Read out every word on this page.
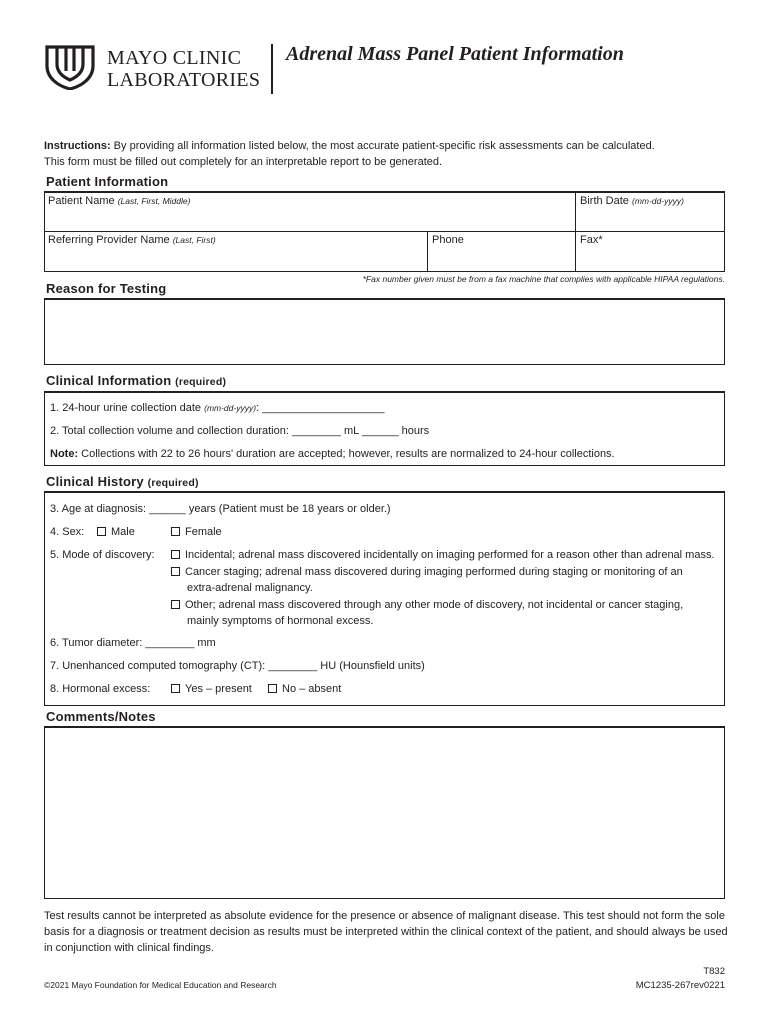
MAYO CLINIC
LABORATORIES
Adrenal Mass Panel Patient Information
Instructions: By providing all information listed below, the most accurate patient-specific risk assessments can be calculated.
This form must be filled out completely for an interpretable report to be generated.
Patient Information
Patient Name (Last, First, Middle)	Birth Date (mm-dd-yyyy)
Referring Provider Name (Last, First)	Phone	Fax*
*Fax number given must be from a fax machine that complies with applicable HIPAA regulations.
Reason for Testing
Clinical Information (required)
1. 24-hour urine collection date (mm-dd-yyyy): ____________________
2. Total collection volume and collection duration: ________ mL ______ hours
Note: Collections with 22 to 26 hours' duration are accepted; however, results are normalized to 24-hour collections.
Clinical History (required)
3. Age at diagnosis: ______ years (Patient must be 18 years or older.)
4. Sex:	Male	Female
5. Mode of discovery:	Incidental; adrenal mass discovered incidentally on imaging performed for a reason other than adrenal mass.
Cancer staging; adrenal mass discovered during imaging performed during staging or monitoring of an
extra-adrenal malignancy.
Other; adrenal mass discovered through any other mode of discovery, not incidental or cancer staging,
mainly symptoms of hormonal excess.
6. Tumor diameter: ________ mm
7. Unenhanced computed tomography (CT): ________ HU (Hounsfield units)
8. Hormonal excess:	Yes – present	No – absent
Comments/Notes
Test results cannot be interpreted as absolute evidence for the presence or absence of malignant disease. This test should not form the sole basis for a diagnosis or treatment decision as results must be interpreted within the clinical context of the patient, and should always be used in conjunction with clinical findings.
©2021 Mayo Foundation for Medical Education and Research
T832
MC1235-267rev0221
